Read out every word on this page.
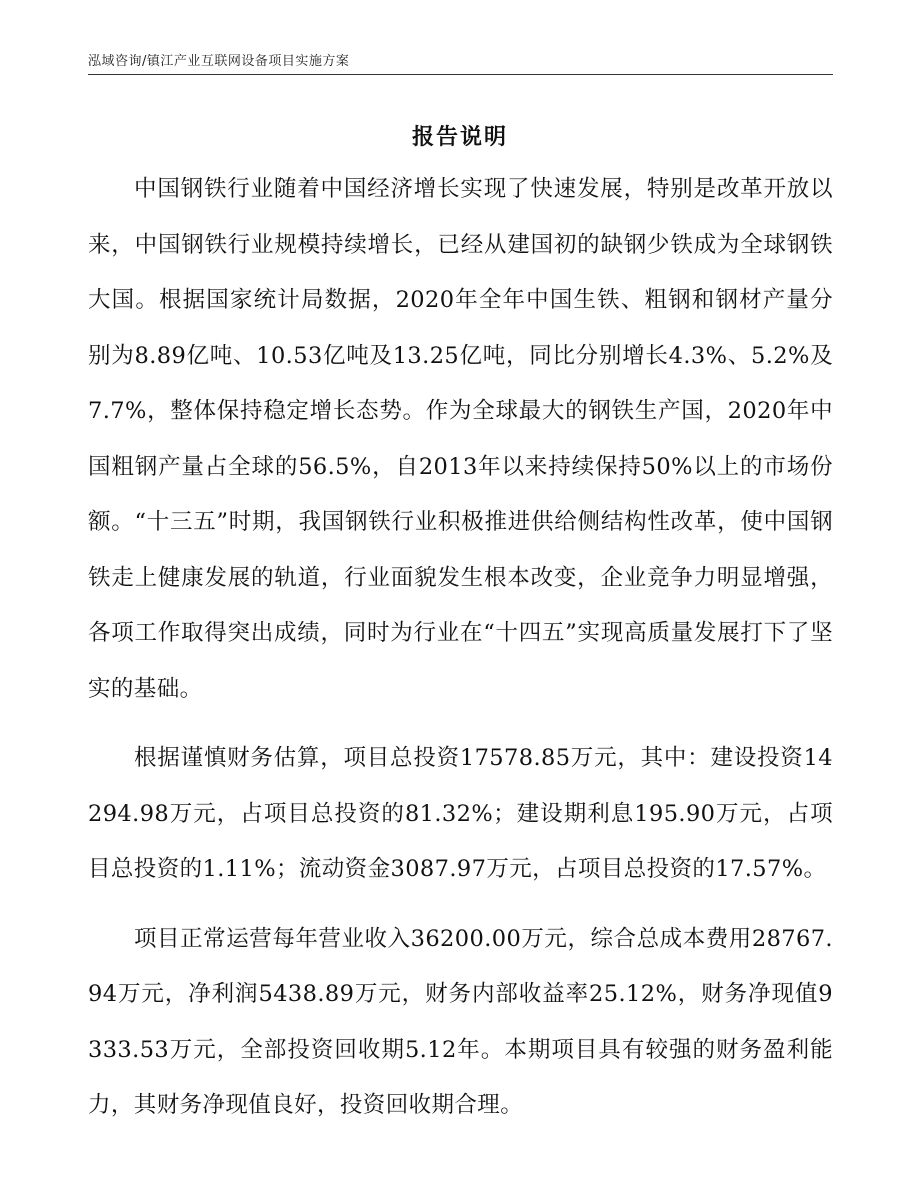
泓域咨询/镇江产业互联网设备项目实施方案
报告说明

中国钢铁行业随着中国经济增长实现了快速发展，特别是改革开放以来，中国钢铁行业规模持续增长，已经从建国初的缺钢少铁成为全球钢铁大国。根据国家统计局数据，2020年全年中国生铁、粗钢和钢材产量分别为8.89亿吨、10.53亿吨及13.25亿吨，同比分别增长4.3%、5.2%及7.7%，整体保持稳定增长态势。作为全球最大的钢铁生产国，2020年中国粗钢产量占全球的56.5%，自2013年以来持续保持50%以上的市场份额。“十三五”时期，我国钢铁行业积极推进供给侧结构性改革，使中国钢铁走上健康发展的轨道，行业面貌发生根本改变，企业竞争力明显增强，各项工作取得突出成绩，同时为行业在“十四五”实现高质量发展打下了坚实的基础。

根据谨慎财务估算，项目总投资17578.85万元，其中：建设投资14294.98万元，占项目总投资的81.32%；建设期利息195.90万元，占项目总投资的1.11%；流动资金3087.97万元，占项目总投资的17.57%。

项目正常运营每年营业收入36200.00万元，综合总成本费用28767.94万元，净利润5438.89万元，财务内部收益率25.12%，财务净现值9333.53万元，全部投资回收期5.12年。本期项目具有较强的财务盈利能力，其财务净现值良好，投资回收期合理。
